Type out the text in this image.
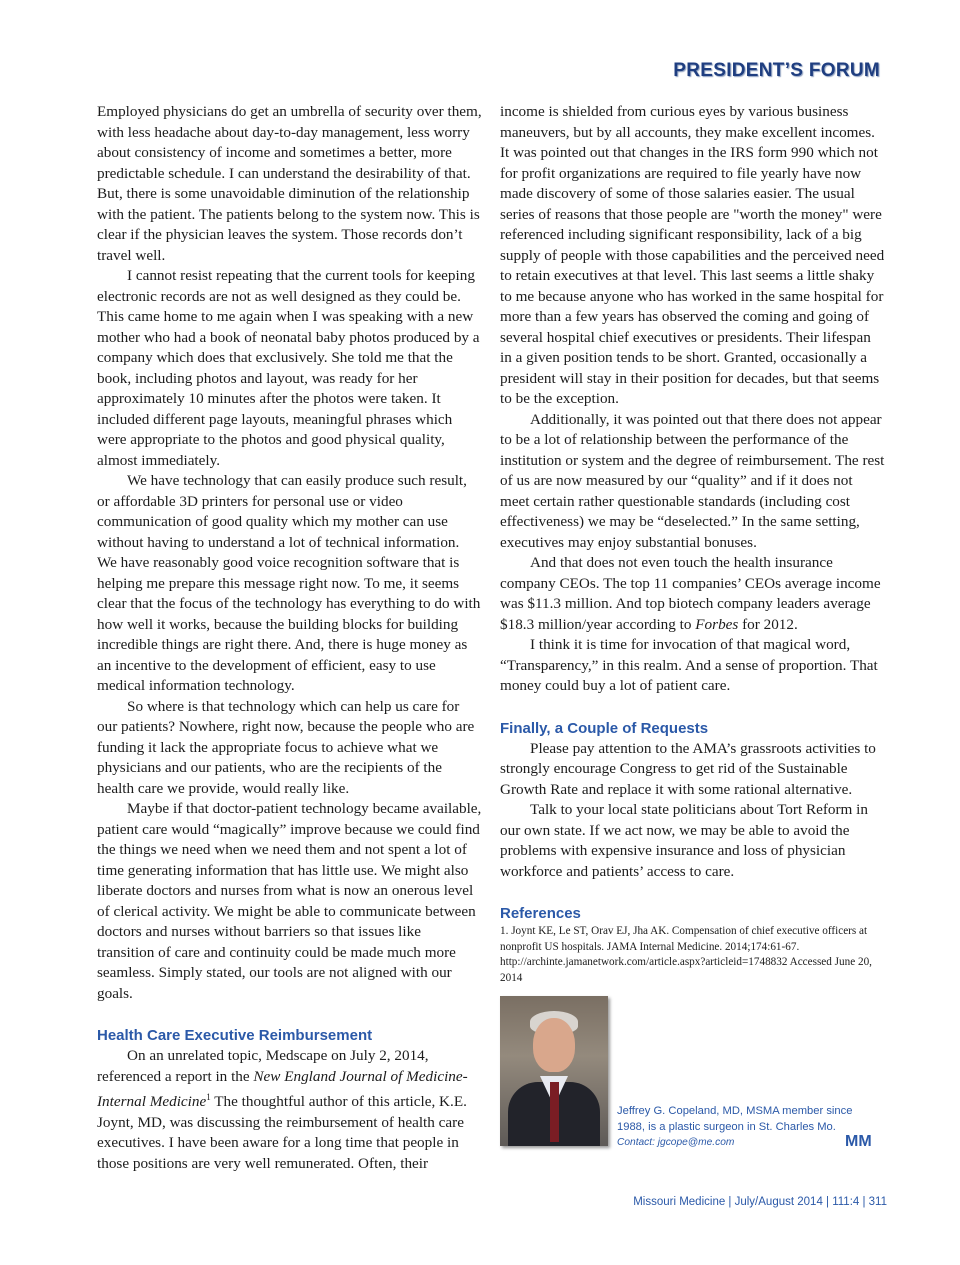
PRESIDENT’S FORUM

Employed physicians do get an umbrella of security over them, with less headache about day-to-day management, less worry about consistency of income and sometimes a better, more predictable schedule. I can understand the desirability of that. But, there is some unavoidable diminution of the relationship with the patient. The patients belong to the system now. This is clear if the physician leaves the system. Those records don’t travel well.

I cannot resist repeating that the current tools for keeping electronic records are not as well designed as they could be. This came home to me again when I was speaking with a new mother who had a book of neonatal baby photos produced by a company which does that exclusively. She told me that the book, including photos and layout, was ready for her approximately 10 minutes after the photos were taken. It included different page layouts, meaningful phrases which were appropriate to the photos and good physical quality, almost immediately.

We have technology that can easily produce such result, or affordable 3D printers for personal use or video communication of good quality which my mother can use without having to understand a lot of technical information. We have reasonably good voice recognition software that is helping me prepare this message right now. To me, it seems clear that the focus of the technology has everything to do with how well it works, because the building blocks for building incredible things are right there. And, there is huge money as an incentive to the development of efficient, easy to use medical information technology.

So where is that technology which can help us care for our patients? Nowhere, right now, because the people who are funding it lack the appropriate focus to achieve what we physicians and our patients, who are the recipients of the health care we provide, would really like.

Maybe if that doctor-patient technology became available, patient care would “magically” improve because we could find the things we need when we need them and not spent a lot of time generating information that has little use. We might also liberate doctors and nurses from what is now an onerous level of clerical activity. We might be able to communicate between doctors and nurses without barriers so that issues like transition of care and continuity could be made much more seamless. Simply stated, our tools are not aligned with our goals.

Health Care Executive Reimbursement

On an unrelated topic, Medscape on July 2, 2014, referenced a report in the New England Journal of Medicine-Internal Medicine$^1$ The thoughtful author of this article, K.E. Joynt, MD, was discussing the reimbursement of health care executives. I have been aware for a long time that people in those positions are very well remunerated. Often, their

income is shielded from curious eyes by various business maneuvers, but by all accounts, they make excellent incomes. It was pointed out that changes in the IRS form 990 which not for profit organizations are required to file yearly have now made discovery of some of those salaries easier. The usual series of reasons that those people are "worth the money" were referenced including significant responsibility, lack of a big supply of people with those capabilities and the perceived need to retain executives at that level. This last seems a little shaky to me because anyone who has worked in the same hospital for more than a few years has observed the coming and going of several hospital chief executives or presidents. Their lifespan in a given position tends to be short. Granted, occasionally a president will stay in their position for decades, but that seems to be the exception.

Additionally, it was pointed out that there does not appear to be a lot of relationship between the performance of the institution or system and the degree of reimbursement. The rest of us are now measured by our “quality” and if it does not meet certain rather questionable standards (including cost effectiveness) we may be “deselected.” In the same setting, executives may enjoy substantial bonuses.

And that does not even touch the health insurance company CEOs. The top 11 companies’ CEOs average income was $11.3 million. And top biotech company leaders average $18.3 million/year according to Forbes for 2012.

I think it is time for invocation of that magical word, “Transparency,” in this realm. And a sense of proportion. That money could buy a lot of patient care.

Finally, a Couple of Requests

Please pay attention to the AMA’s grassroots activities to strongly encourage Congress to get rid of the Sustainable Growth Rate and replace it with some rational alternative.

Talk to your local state politicians about Tort Reform in our own state. If we act now, we may be able to avoid the problems with expensive insurance and loss of physician workforce and patients’ access to care.

References

1. Joynt KE, Le ST, Orav EJ, Jha AK. Compensation of chief executive officers at nonprofit US hospitals. JAMA Internal Medicine. 2014;174:61-67. http://archinte.jamanetwork.com/article.aspx?articleid=1748832 Accessed June 20, 2014

Jeffrey G. Copeland, MD, MSMA member since 1988, is a plastic surgeon in St. Charles Mo.
Contact: jgcope@me.com	MM
Missouri Medicine | July/August 2014 | 111:4 | 311
